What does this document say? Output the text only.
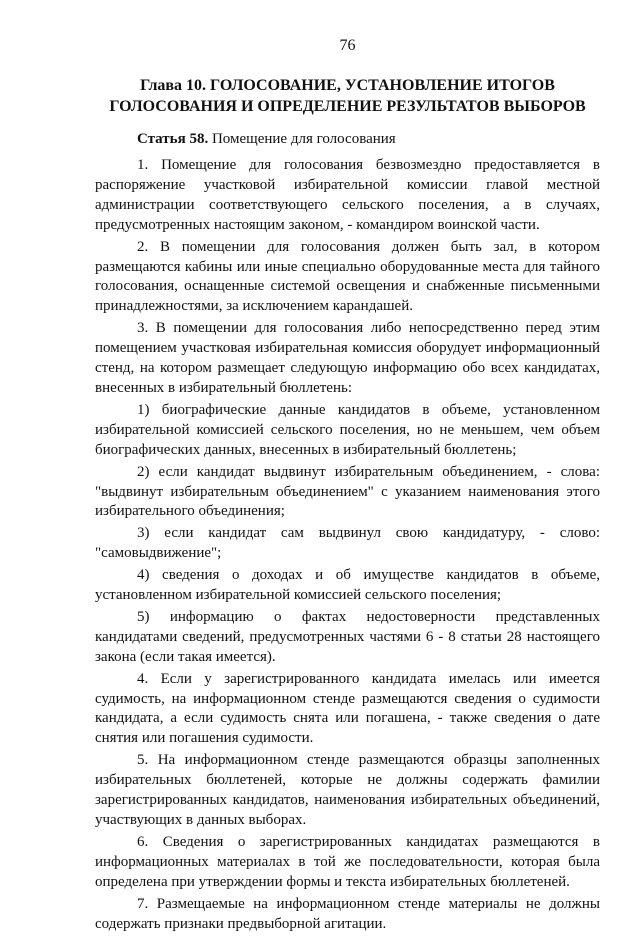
76
Глава 10. ГОЛОСОВАНИЕ, УСТАНОВЛЕНИЕ ИТОГОВ
ГОЛОСОВАНИЯ И ОПРЕДЕЛЕНИЕ РЕЗУЛЬТАТОВ ВЫБОРОВ
Статья 58. Помещение для голосования

1. Помещение для голосования безвозмездно предоставляется в распоряжение участковой избирательной комиссии главой местной администрации соответствующего сельского поселения, а в случаях, предусмотренных настоящим законом, - командиром воинской части.

2. В помещении для голосования должен быть зал, в котором размещаются кабины или иные специально оборудованные места для тайного голосования, оснащенные системой освещения и снабженные письменными принадлежностями, за исключением карандашей.

3. В помещении для голосования либо непосредственно перед этим помещением участковая избирательная комиссия оборудует информационный стенд, на котором размещает следующую информацию обо всех кандидатах, внесенных в избирательный бюллетень:

1) биографические данные кандидатов в объеме, установленном избирательной комиссией сельского поселения, но не меньшем, чем объем биографических данных, внесенных в избирательный бюллетень;

2) если кандидат выдвинут избирательным объединением, - слова: "выдвинут избирательным объединением" с указанием наименования этого избирательного объединения;

3) если кандидат сам выдвинул свою кандидатуру, - слово: "самовыдвижение";

4) сведения о доходах и об имуществе кандидатов в объеме, установленном избирательной комиссией сельского поселения;

5) информацию о фактах недостоверности представленных кандидатами сведений, предусмотренных частями 6 - 8 статьи 28 настоящего закона (если такая имеется).

4. Если у зарегистрированного кандидата имелась или имеется судимость, на информационном стенде размещаются сведения о судимости кандидата, а если судимость снята или погашена, - также сведения о дате снятия или погашения судимости.

5. На информационном стенде размещаются образцы заполненных избирательных бюллетеней, которые не должны содержать фамилии зарегистрированных кандидатов, наименования избирательных объединений, участвующих в данных выборах.

6. Сведения о зарегистрированных кандидатах размещаются в информационных материалах в той же последовательности, которая была определена при утверждении формы и текста избирательных бюллетеней.

7. Размещаемые на информационном стенде материалы не должны содержать признаки предвыборной агитации.
